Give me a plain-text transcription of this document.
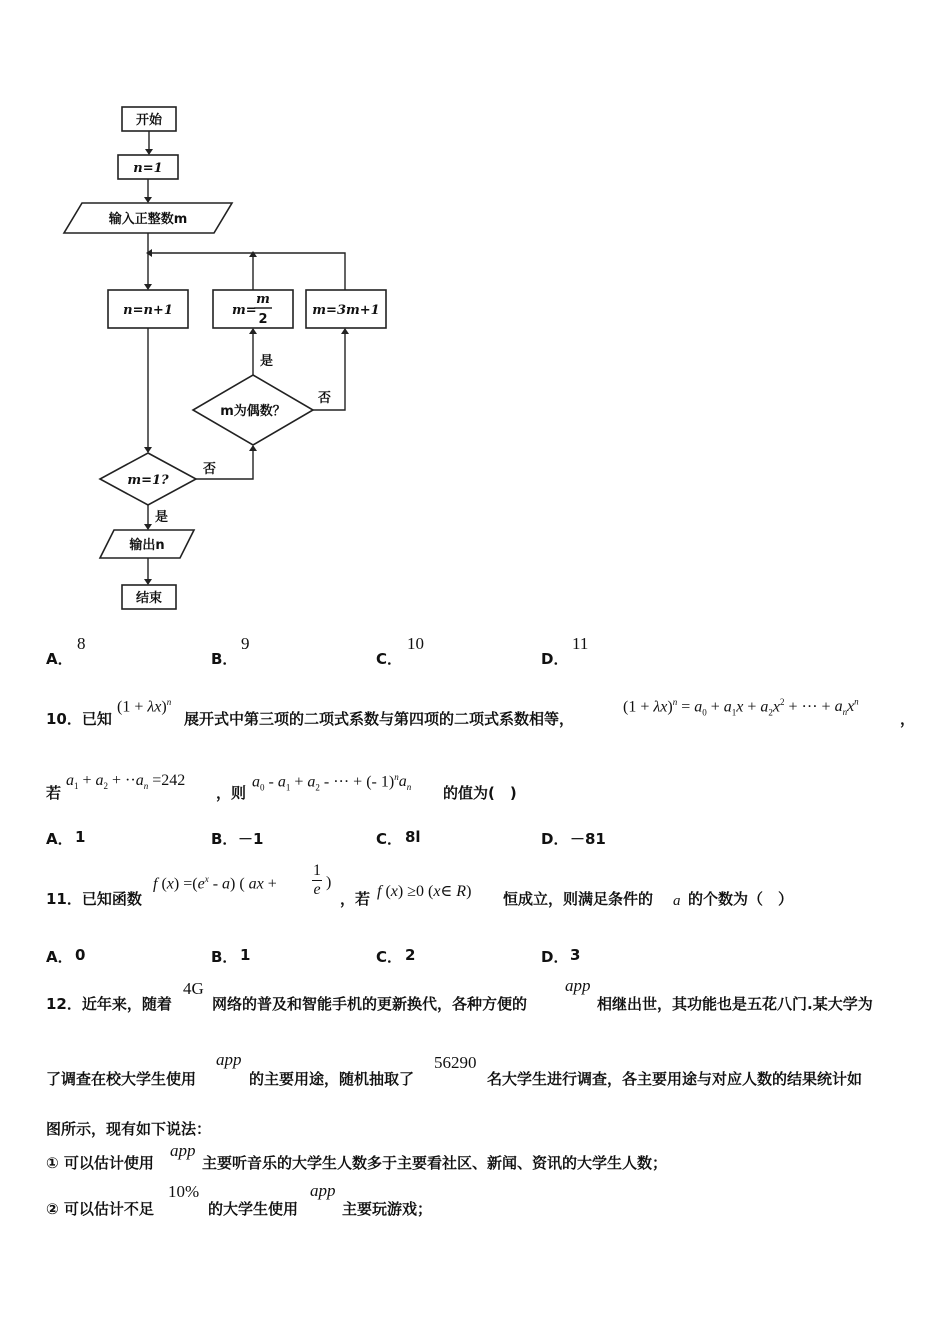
开始
n=1
输入正整数m
n=n+1	m=
m
2
m=3m+1
m为偶数？
是
否
m=1?
否
是
输出n
结束
A．
8
B．
9
C．
10
D．
11
10．已知
$(1 + \lambda x)^n$
展开式中第三项的二项式系数与第四项的二项式系数相等，
$(1 + \lambda x)^n = a_0 + a_1x + a_2x^2$ + ··· + $a_nx^n$
，
若
$a_1 + a_2 + \cdot\cdot a_n =242$
，则
$a_0 - a_1 + a_2$ - ··· + (- $1)^na_n$ 的值为(　)
A． 1	B． －1	C． 8l	D． －81
11．已知函数
f $(x) =(e^x - a)$ ( ax +
1
e )
，若 f (x) ≥0 (x∈ R) 恒成立，则满足条件的 a 的个数为（　）
A． 0	B． 1	C． 2	D． 3
12．近年来，随着
4G
网络的普及和智能手机的更新换代，各种方便的
app
相继出世，其功能也是五花八门.某大学为
了调查在校大学生使用
app
的主要用途，随机抽取了
56290
名大学生进行调查，各主要用途与对应人数的结果统计如
图所示，现有如下说法：
① 可以估计使用
app
主要听音乐的大学生人数多于主要看社区、新闻、资讯的大学生人数；
② 可以估计不足
10%
的大学生使用
app
主要玩游戏；
